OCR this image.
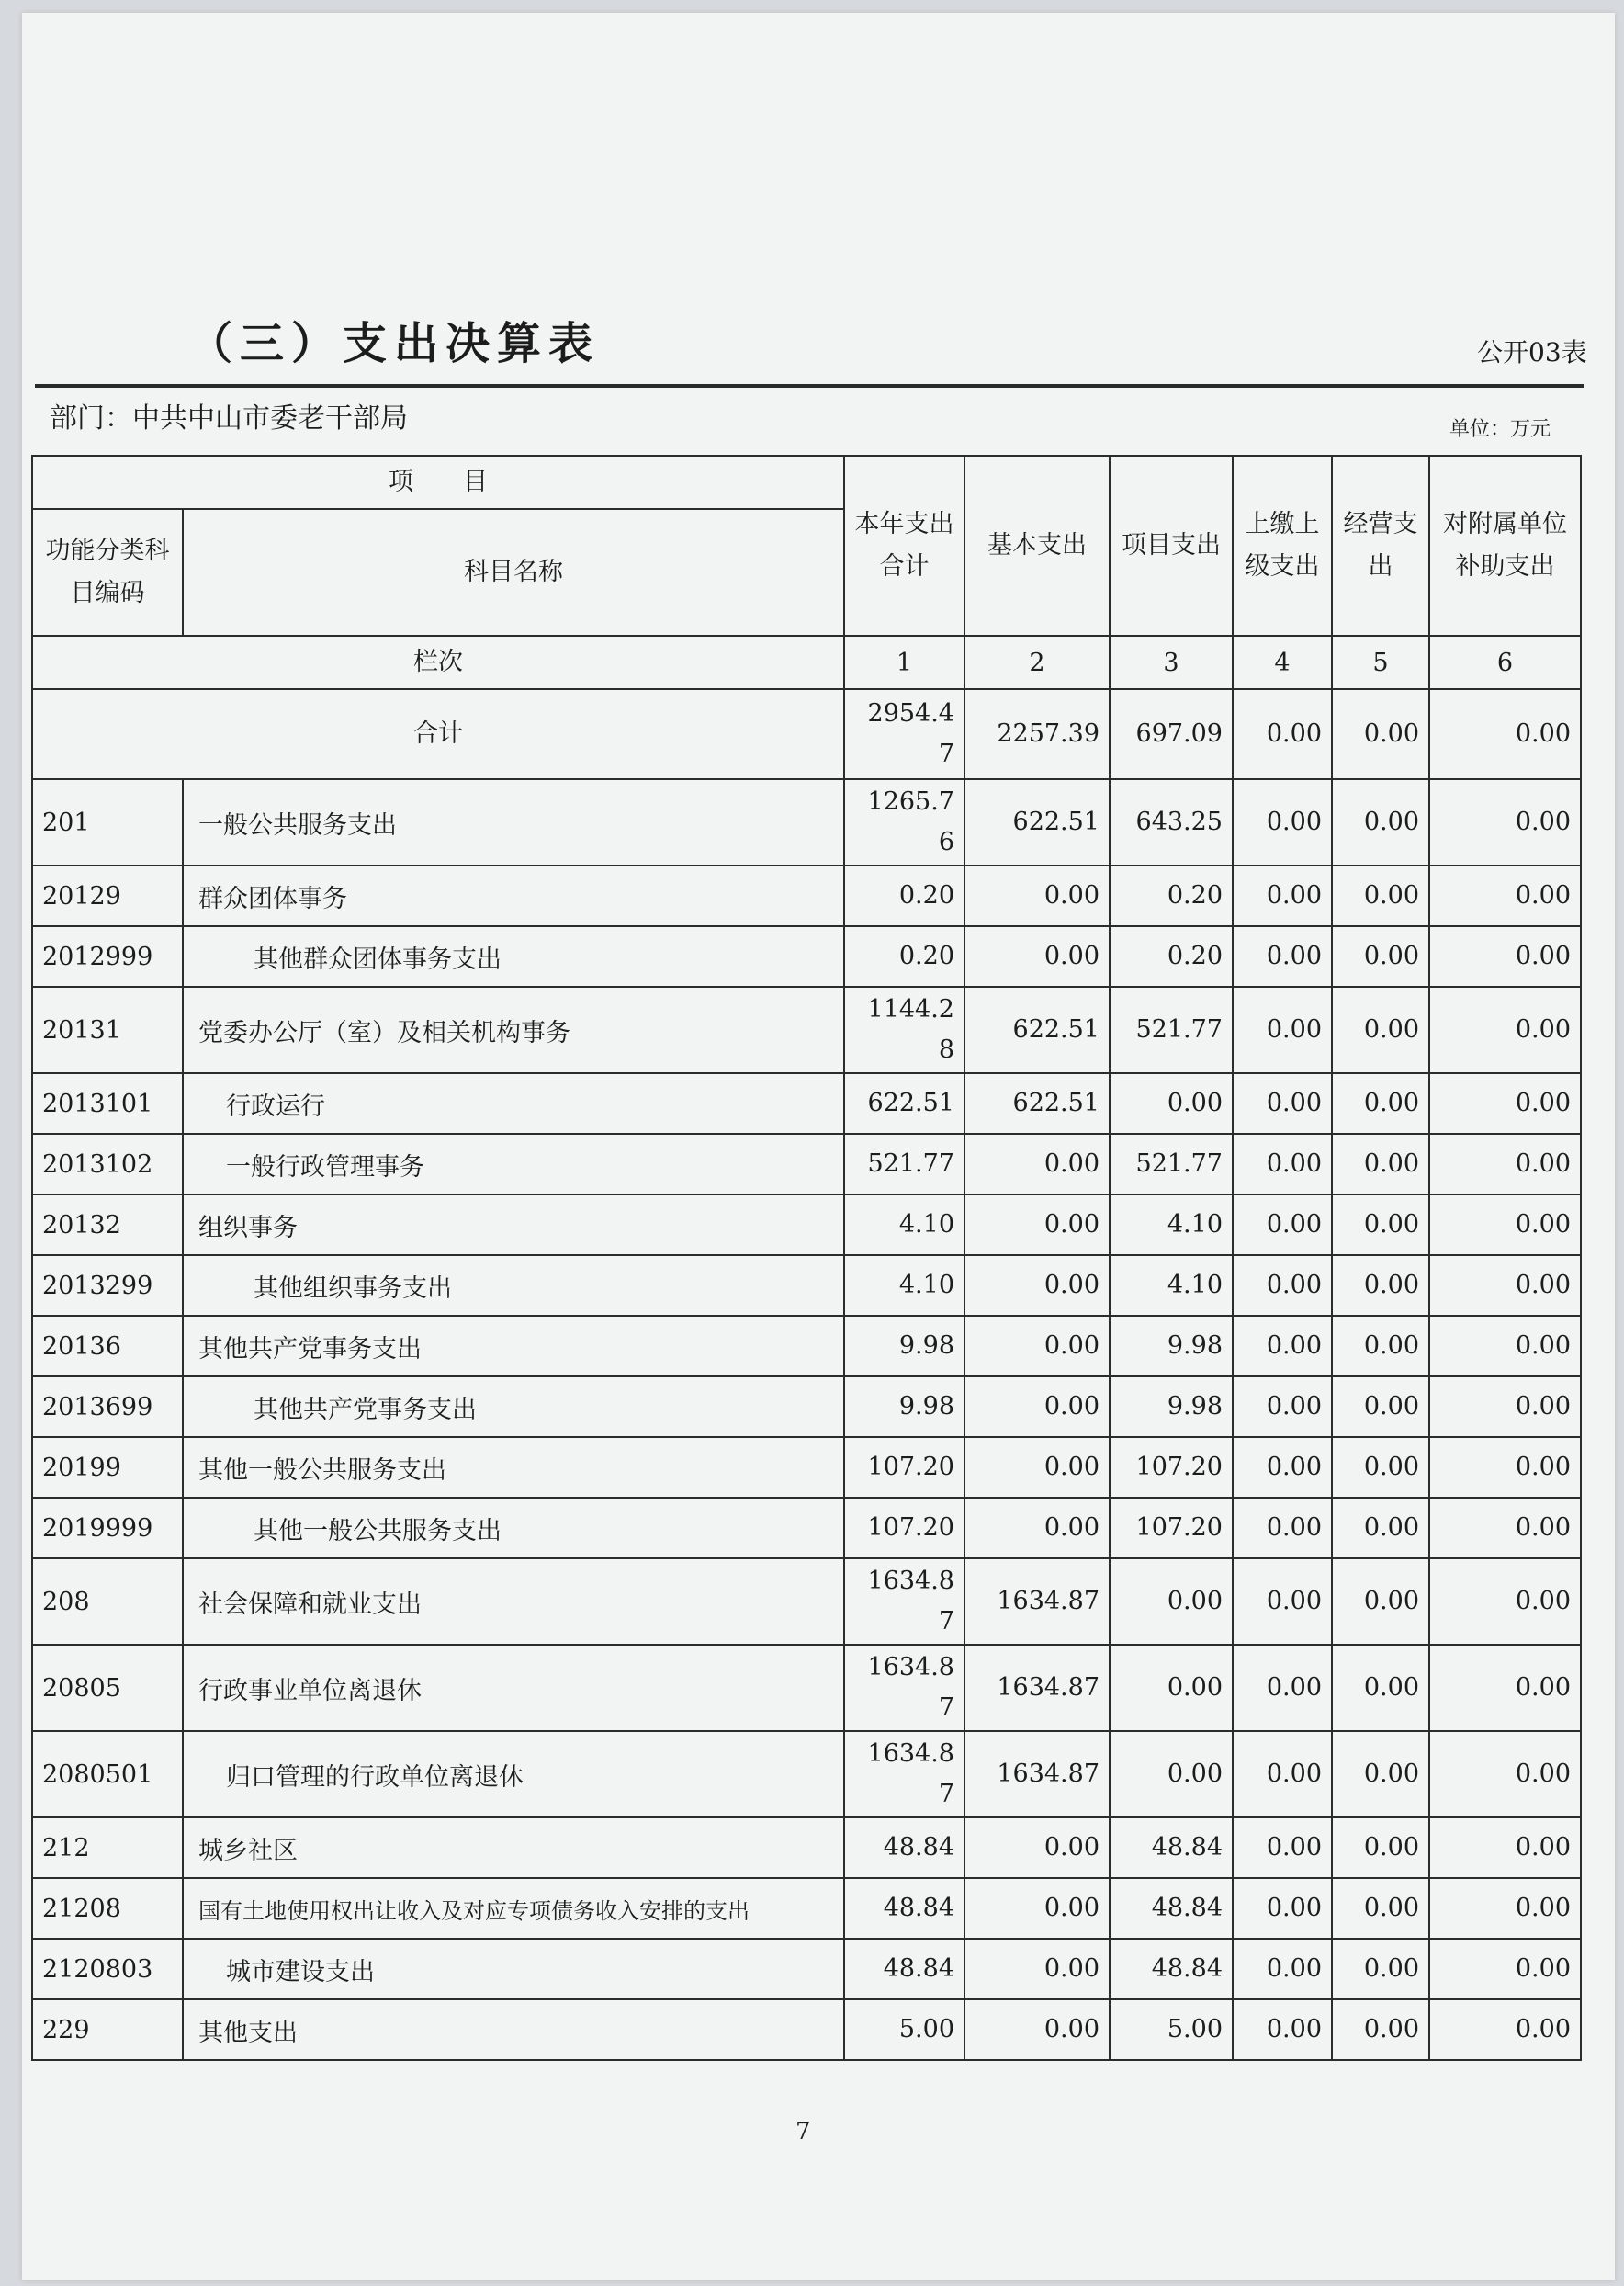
（三）支出决算表	公开03表
部门：中共中山市委老干部局	单位：万元
项　　目		本年支出合计	基本支出	项目支出	上缴上级支出	经营支出	对附属单位补助支出
功能分类科目编码	科目名称						
栏次		1	2	3	4	5	6
合计		2954.47	2257.39	697.09	0.00	0.00	0.00
201	一般公共服务支出	1265.76	622.51	643.25	0.00	0.00	0.00
20129	群众团体事务	0.20	0.00	0.20	0.00	0.00	0.00
2012999	其他群众团体事务支出	0.20	0.00	0.20	0.00	0.00	0.00
20131	党委办公厅（室）及相关机构事务	1144.28	622.51	521.77	0.00	0.00	0.00
2013101	行政运行	622.51	622.51	0.00	0.00	0.00	0.00
2013102	一般行政管理事务	521.77	0.00	521.77	0.00	0.00	0.00
20132	组织事务	4.10	0.00	4.10	0.00	0.00	0.00
2013299	其他组织事务支出	4.10	0.00	4.10	0.00	0.00	0.00
20136	其他共产党事务支出	9.98	0.00	9.98	0.00	0.00	0.00
2013699	其他共产党事务支出	9.98	0.00	9.98	0.00	0.00	0.00
20199	其他一般公共服务支出	107.20	0.00	107.20	0.00	0.00	0.00
2019999	其他一般公共服务支出	107.20	0.00	107.20	0.00	0.00	0.00
208	社会保障和就业支出	1634.87	1634.87	0.00	0.00	0.00	0.00
20805	行政事业单位离退休	1634.87	1634.87	0.00	0.00	0.00	0.00
2080501	归口管理的行政单位离退休	1634.87	1634.87	0.00	0.00	0.00	0.00
212	城乡社区	48.84	0.00	48.84	0.00	0.00	0.00
21208	国有土地使用权出让收入及对应专项债务收入安排的支出	48.84	0.00	48.84	0.00	0.00	0.00
2120803	城市建设支出	48.84	0.00	48.84	0.00	0.00	0.00
229	其他支出	5.00	0.00	5.00	0.00	0.00	0.00
7
